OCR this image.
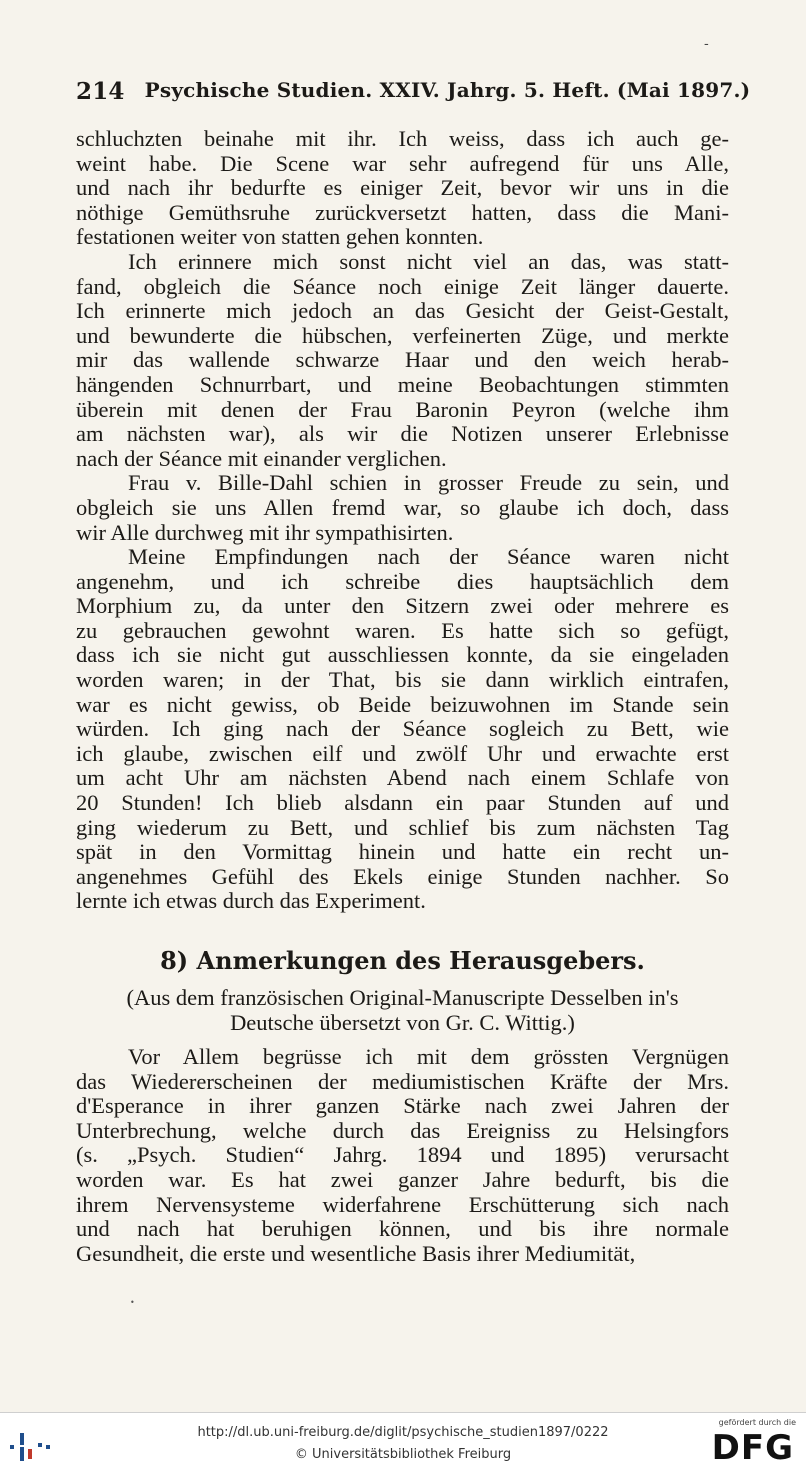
-
214 Psychische Studien. XXIV. Jahrg. 5. Heft. (Mai 1897.)
schluchzten beinahe mit ihr. Ich weiss, dass ich auch ge-
weint habe. Die Scene war sehr aufregend für uns Alle,
und nach ihr bedurfte es einiger Zeit, bevor wir uns in die
nöthige Gemüthsruhe zurückversetzt hatten, dass die Mani-
festationen weiter von statten gehen konnten.
Ich erinnere mich sonst nicht viel an das, was statt-
fand, obgleich die Séance noch einige Zeit länger dauerte.
Ich erinnerte mich jedoch an das Gesicht der Geist-Gestalt,
und bewunderte die hübschen, verfeinerten Züge, und merkte
mir das wallende schwarze Haar und den weich herab-
hängenden Schnurrbart, und meine Beobachtungen stimmten
überein mit denen der Frau Baronin Peyron (welche ihm
am nächsten war), als wir die Notizen unserer Erlebnisse
nach der Séance mit einander verglichen.
Frau v. Bille-Dahl schien in grosser Freude zu sein, und
obgleich sie uns Allen fremd war, so glaube ich doch, dass
wir Alle durchweg mit ihr sympathisirten.
Meine Empfindungen nach der Séance waren nicht
angenehm, und ich schreibe dies hauptsächlich dem
Morphium zu, da unter den Sitzern zwei oder mehrere es
zu gebrauchen gewohnt waren. Es hatte sich so gefügt,
dass ich sie nicht gut ausschliessen konnte, da sie eingeladen
worden waren; in der That, bis sie dann wirklich eintrafen,
war es nicht gewiss, ob Beide beizuwohnen im Stande sein
würden. Ich ging nach der Séance sogleich zu Bett, wie
ich glaube, zwischen eilf und zwölf Uhr und erwachte erst
um acht Uhr am nächsten Abend nach einem Schlafe von
20 Stunden! Ich blieb alsdann ein paar Stunden auf und
ging wiederum zu Bett, und schlief bis zum nächsten Tag
spät in den Vormittag hinein und hatte ein recht un-
angenehmes Gefühl des Ekels einige Stunden nachher. So
lernte ich etwas durch das Experiment.
8) Anmerkungen des Herausgebers.
(Aus dem französischen Original-Manuscripte Desselben in's
Deutsche übersetzt von Gr. C. Wittig.)
Vor Allem begrüsse ich mit dem grössten Vergnügen
das Wiedererscheinen der mediumistischen Kräfte der Mrs.
d'Esperance in ihrer ganzen Stärke nach zwei Jahren der
Unterbrechung, welche durch das Ereigniss zu Helsingfors
(s. „Psych. Studien“ Jahrg. 1894 und 1895) verursacht
worden war. Es hat zwei ganzer Jahre bedurft, bis die
ihrem Nervensysteme widerfahrene Erschütterung sich nach
und nach hat beruhigen können, und bis ihre normale
Gesundheit, die erste und wesentliche Basis ihrer Mediumität,
•
http://dl.ub.uni-freiburg.de/diglit/psychische_studien1897/0222
© Universitätsbibliothek Freiburg
gefördert durch die
DFG
